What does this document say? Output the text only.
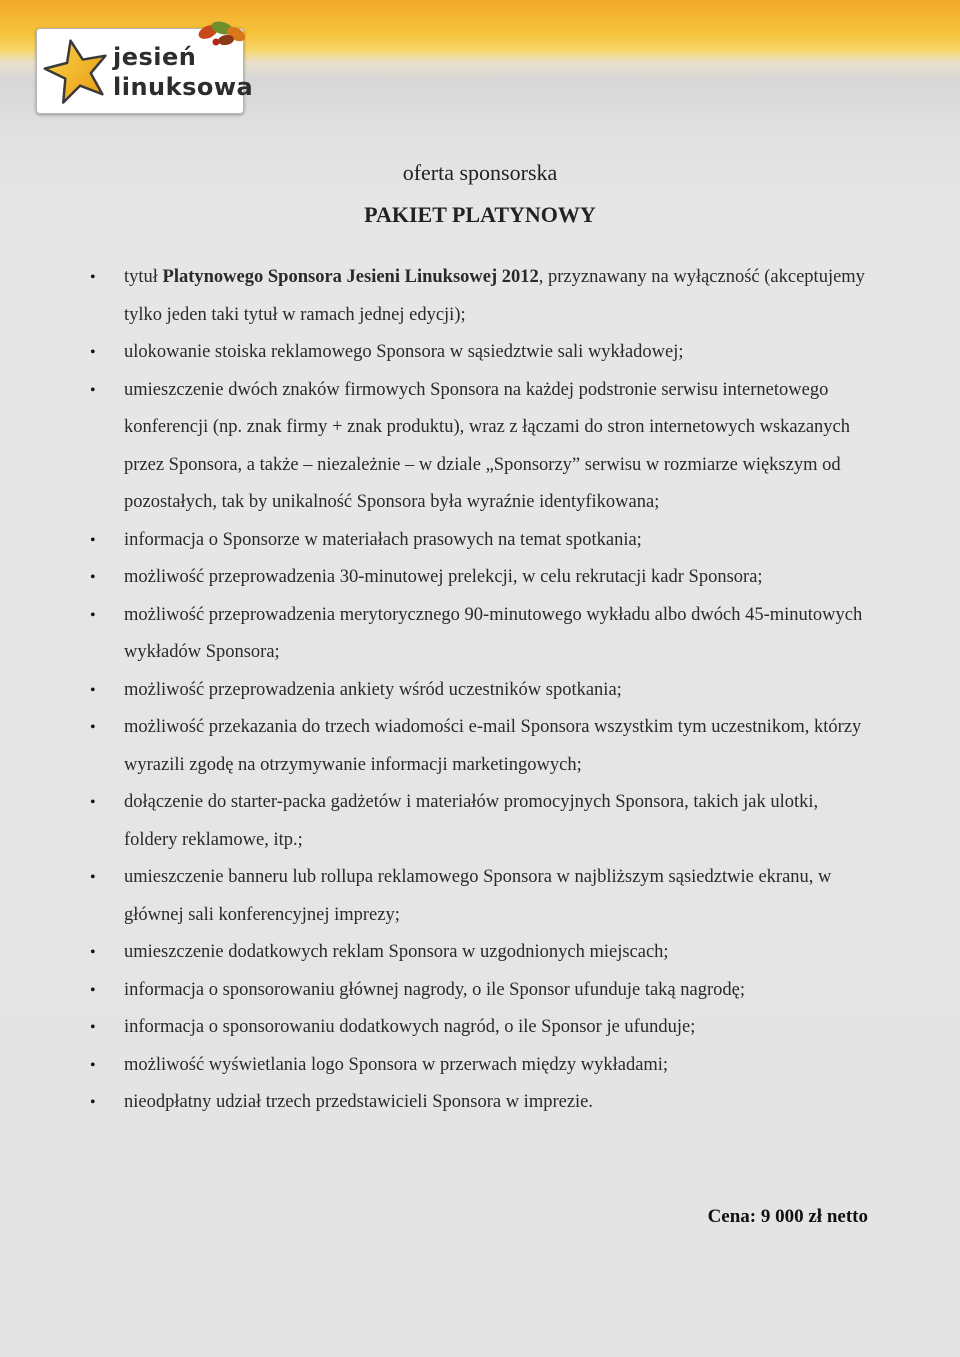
jesień
linuksowa
oferta sponsorska
PAKIET PLATYNOWY
• tytuł Platynowego Sponsora Jesieni Linuksowej 2012, przyznawany na wyłączność (akceptujemy tylko jeden taki tytuł w ramach jednej edycji);
• ulokowanie stoiska reklamowego Sponsora w sąsiedztwie sali wykładowej;
• umieszczenie dwóch znaków firmowych Sponsora na każdej podstronie serwisu internetowego konferencji (np. znak firmy + znak produktu), wraz z łączami do stron internetowych wskazanych przez Sponsora, a także – niezależnie – w dziale „Sponsorzy” serwisu w rozmiarze większym od pozostałych, tak by unikalność Sponsora była wyraźnie identyfikowana;
• informacja o Sponsorze w materiałach prasowych na temat spotkania;
• możliwość przeprowadzenia 30-minutowej prelekcji, w celu rekrutacji kadr Sponsora;
• możliwość przeprowadzenia merytorycznego 90-minutowego wykładu albo dwóch 45-minutowych wykładów Sponsora;
• możliwość przeprowadzenia ankiety wśród uczestników spotkania;
• możliwość przekazania do trzech wiadomości e-mail Sponsora wszystkim tym uczestnikom, którzy wyrazili zgodę na otrzymywanie informacji marketingowych;
• dołączenie do starter-packa gadżetów i materiałów promocyjnych Sponsora, takich jak ulotki, foldery reklamowe, itp.;
• umieszczenie banneru lub rollupa reklamowego Sponsora w najbliższym sąsiedztwie ekranu, w głównej sali konferencyjnej imprezy;
• umieszczenie dodatkowych reklam Sponsora w uzgodnionych miejscach;
• informacja o sponsorowaniu głównej nagrody, o ile Sponsor ufunduje taką nagrodę;
• informacja o sponsorowaniu dodatkowych nagród, o ile Sponsor je ufunduje;
• możliwość wyświetlania logo Sponsora w przerwach między wykładami;
• nieodpłatny udział trzech przedstawicieli Sponsora w imprezie.
Cena: 9 000 zł netto
